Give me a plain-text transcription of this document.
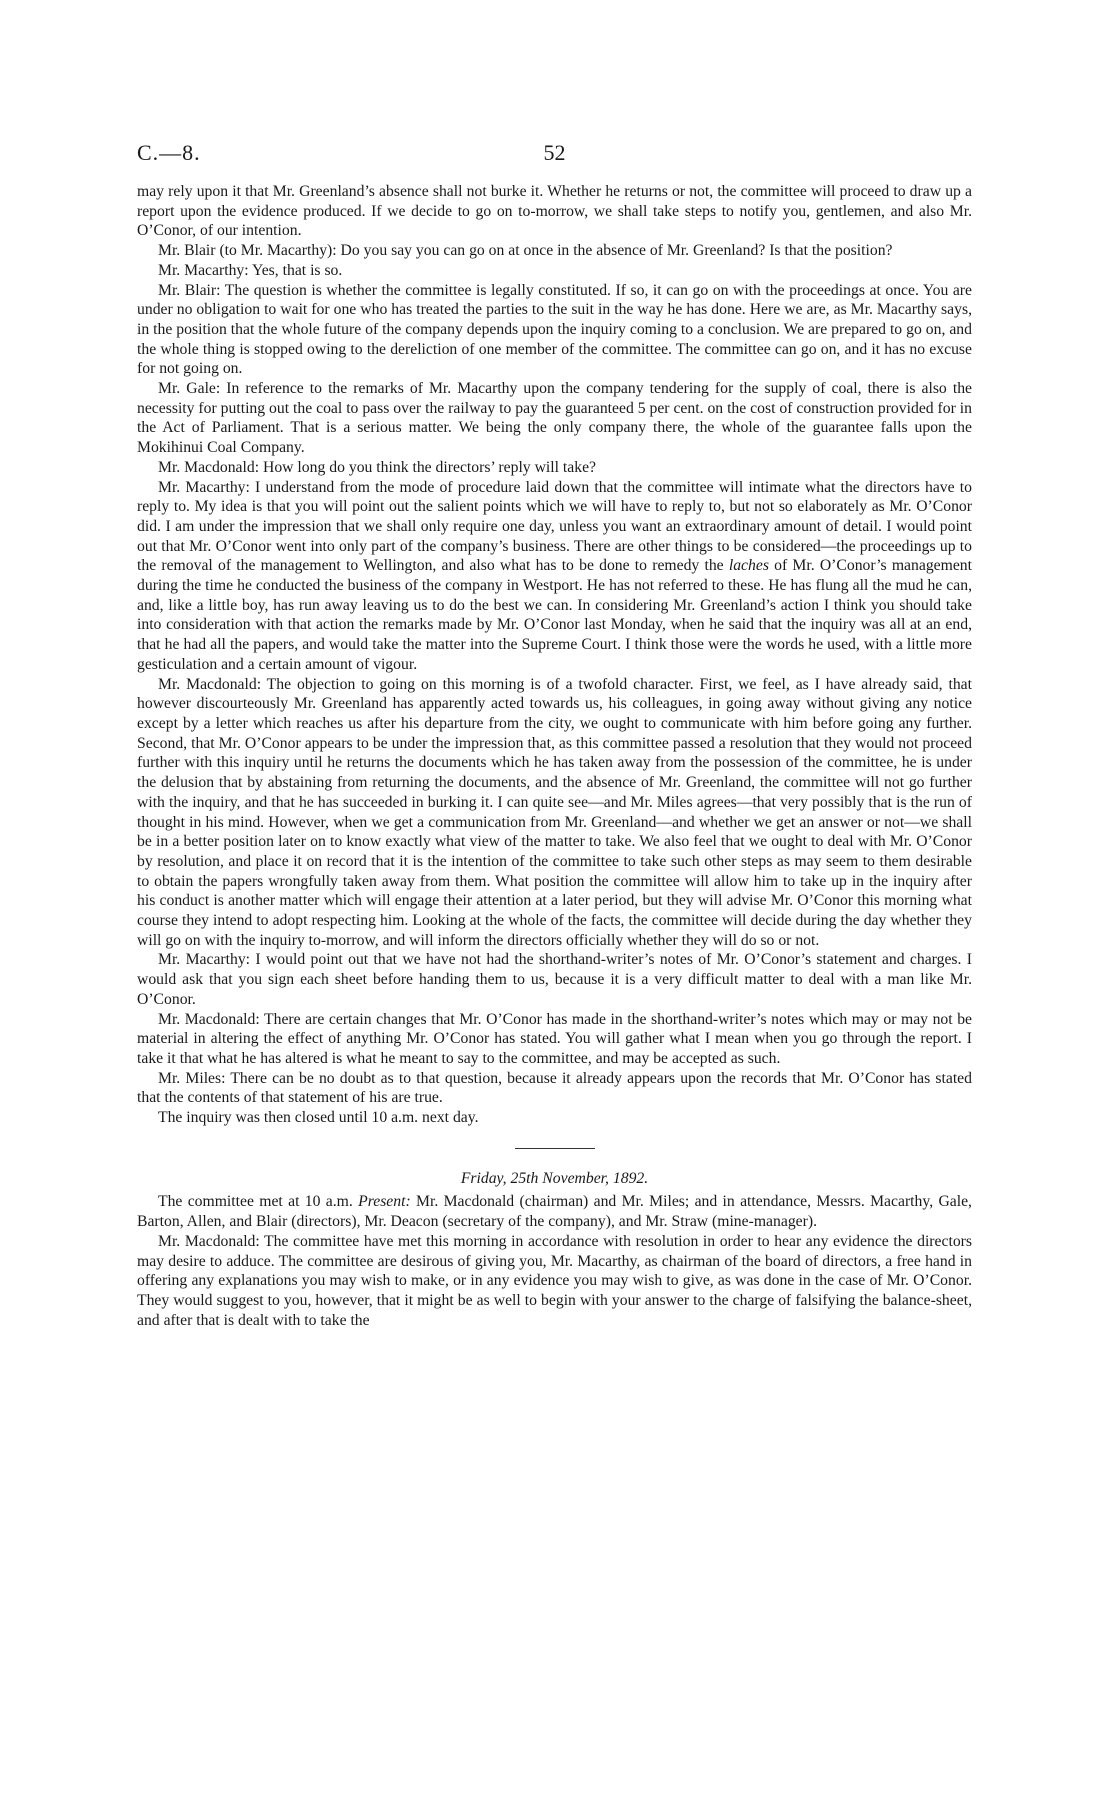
C.—8.	52

may rely upon it that Mr. Greenland’s absence shall not burke it. Whether he returns or not, the committee will proceed to draw up a report upon the evidence produced. If we decide to go on to-morrow, we shall take steps to notify you, gentlemen, and also Mr. O’Conor, of our intention.

Mr. Blair (to Mr. Macarthy): Do you say you can go on at once in the absence of Mr. Greenland? Is that the position?

Mr. Macarthy: Yes, that is so.

Mr. Blair: The question is whether the committee is legally constituted. If so, it can go on with the proceedings at once. You are under no obligation to wait for one who has treated the parties to the suit in the way he has done. Here we are, as Mr. Macarthy says, in the position that the whole future of the company depends upon the inquiry coming to a conclusion. We are prepared to go on, and the whole thing is stopped owing to the dereliction of one member of the committee. The committee can go on, and it has no excuse for not going on.

Mr. Gale: In reference to the remarks of Mr. Macarthy upon the company tendering for the supply of coal, there is also the necessity for putting out the coal to pass over the railway to pay the guaranteed 5 per cent. on the cost of construction provided for in the Act of Parliament. That is a serious matter. We being the only company there, the whole of the guarantee falls upon the Mokihinui Coal Company.

Mr. Macdonald: How long do you think the directors’ reply will take?

Mr. Macarthy: I understand from the mode of procedure laid down that the committee will intimate what the directors have to reply to. My idea is that you will point out the salient points which we will have to reply to, but not so elaborately as Mr. O’Conor did. I am under the impression that we shall only require one day, unless you want an extraordinary amount of detail. I would point out that Mr. O’Conor went into only part of the company’s business. There are other things to be considered—the proceedings up to the removal of the management to Wellington, and also what has to be done to remedy the laches of Mr. O’Conor’s management during the time he conducted the business of the company in Westport. He has not referred to these. He has flung all the mud he can, and, like a little boy, has run away leaving us to do the best we can. In considering Mr. Greenland’s action I think you should take into consideration with that action the remarks made by Mr. O’Conor last Monday, when he said that the inquiry was all at an end, that he had all the papers, and would take the matter into the Supreme Court. I think those were the words he used, with a little more gesticulation and a certain amount of vigour.

Mr. Macdonald: The objection to going on this morning is of a twofold character. First, we feel, as I have already said, that however discourteously Mr. Greenland has apparently acted towards us, his colleagues, in going away without giving any notice except by a letter which reaches us after his departure from the city, we ought to communicate with him before going any further. Second, that Mr. O’Conor appears to be under the impression that, as this committee passed a resolution that they would not proceed further with this inquiry until he returns the documents which he has taken away from the possession of the committee, he is under the delusion that by abstaining from returning the documents, and the absence of Mr. Greenland, the committee will not go further with the inquiry, and that he has succeeded in burking it. I can quite see—and Mr. Miles agrees—that very possibly that is the run of thought in his mind. However, when we get a communication from Mr. Greenland—and whether we get an answer or not—we shall be in a better position later on to know exactly what view of the matter to take. We also feel that we ought to deal with Mr. O’Conor by resolution, and place it on record that it is the intention of the committee to take such other steps as may seem to them desirable to obtain the papers wrongfully taken away from them. What position the committee will allow him to take up in the inquiry after his conduct is another matter which will engage their attention at a later period, but they will advise Mr. O’Conor this morning what course they intend to adopt respecting him. Looking at the whole of the facts, the committee will decide during the day whether they will go on with the inquiry to-morrow, and will inform the directors officially whether they will do so or not.

Mr. Macarthy: I would point out that we have not had the shorthand-writer’s notes of Mr. O’Conor’s statement and charges. I would ask that you sign each sheet before handing them to us, because it is a very difficult matter to deal with a man like Mr. O’Conor.

Mr. Macdonald: There are certain changes that Mr. O’Conor has made in the shorthand-writer’s notes which may or may not be material in altering the effect of anything Mr. O’Conor has stated. You will gather what I mean when you go through the report. I take it that what he has altered is what he meant to say to the committee, and may be accepted as such.

Mr. Miles: There can be no doubt as to that question, because it already appears upon the records that Mr. O’Conor has stated that the contents of that statement of his are true.

The inquiry was then closed until 10 a.m. next day.

Friday, 25th November, 1892.

The committee met at 10 a.m. Present: Mr. Macdonald (chairman) and Mr. Miles; and in attendance, Messrs. Macarthy, Gale, Barton, Allen, and Blair (directors), Mr. Deacon (secretary of the company), and Mr. Straw (mine-manager).

Mr. Macdonald: The committee have met this morning in accordance with resolution in order to hear any evidence the directors may desire to adduce. The committee are desirous of giving you, Mr. Macarthy, as chairman of the board of directors, a free hand in offering any explanations you may wish to make, or in any evidence you may wish to give, as was done in the case of Mr. O’Conor. They would suggest to you, however, that it might be as well to begin with your answer to the charge of falsifying the balance-sheet, and after that is dealt with to take the
